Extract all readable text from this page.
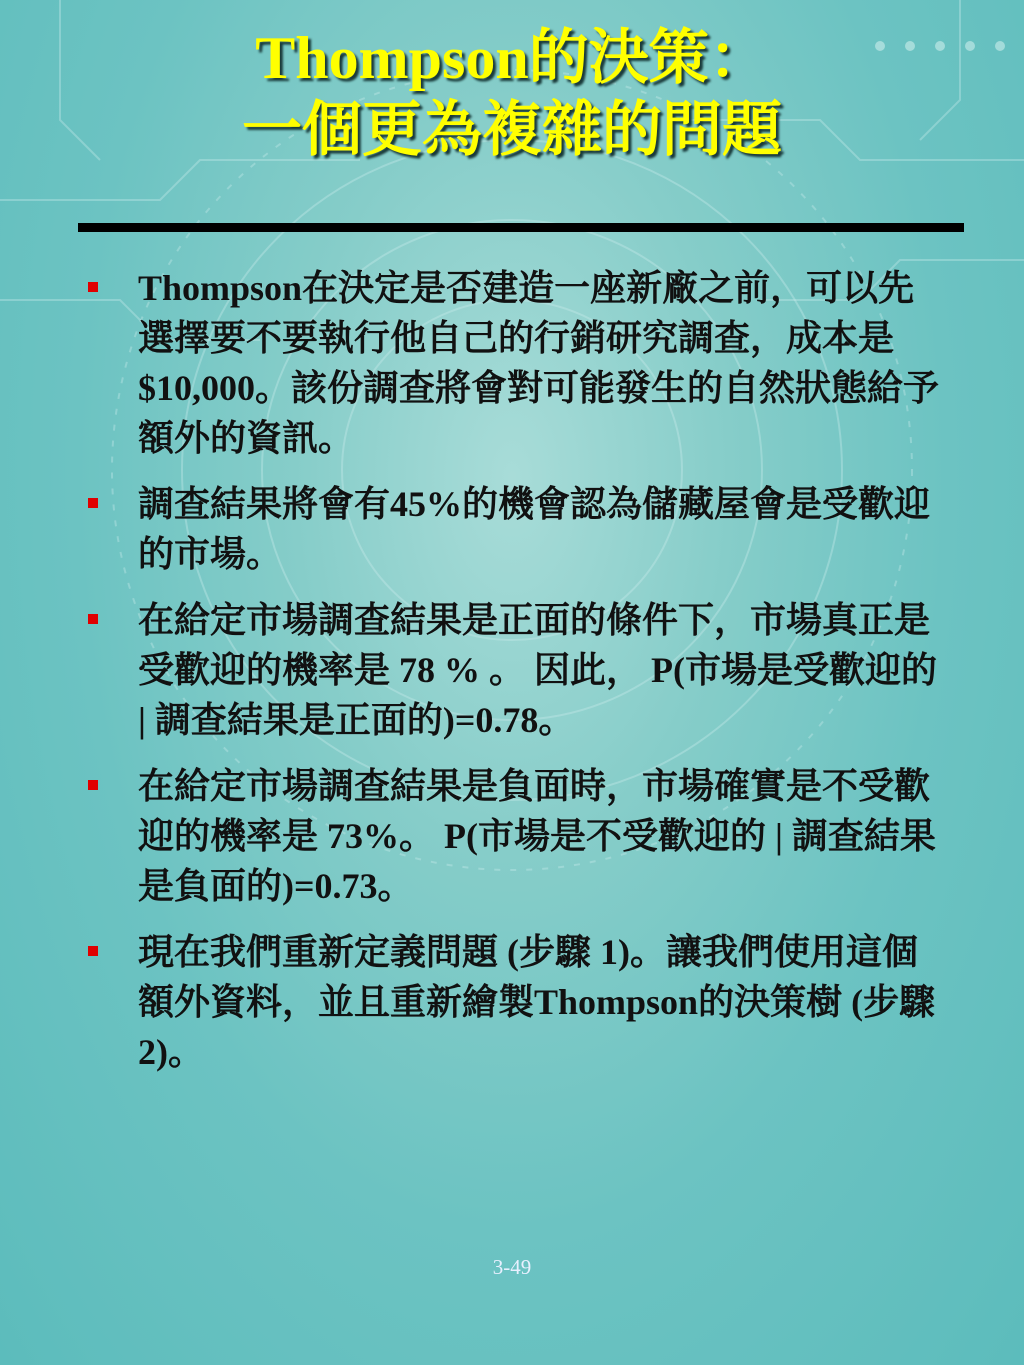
Thompson的決策：
一個更為複雜的問題
Thompson在決定是否建造一座新廠之前，可以先選擇要不要執行他自己的行銷研究調查，成本是$10,000。該份調查將會對可能發生的自然狀態給予額外的資訊。
調查結果將會有45%的機會認為儲藏屋會是受歡迎的市場。
在給定市場調查結果是正面的條件下，市場真正是受歡迎的機率是 78 % 。 因此， P(市場是受歡迎的 | 調查結果是正面的)=0.78。
在給定市場調查結果是負面時，市場確實是不受歡迎的機率是 73%。 P(市場是不受歡迎的 | 調查結果是負面的)=0.73。
現在我們重新定義問題 (步驟 1)。讓我們使用這個額外資料，並且重新繪製Thompson的決策樹 (步驟 2)。
3-49
